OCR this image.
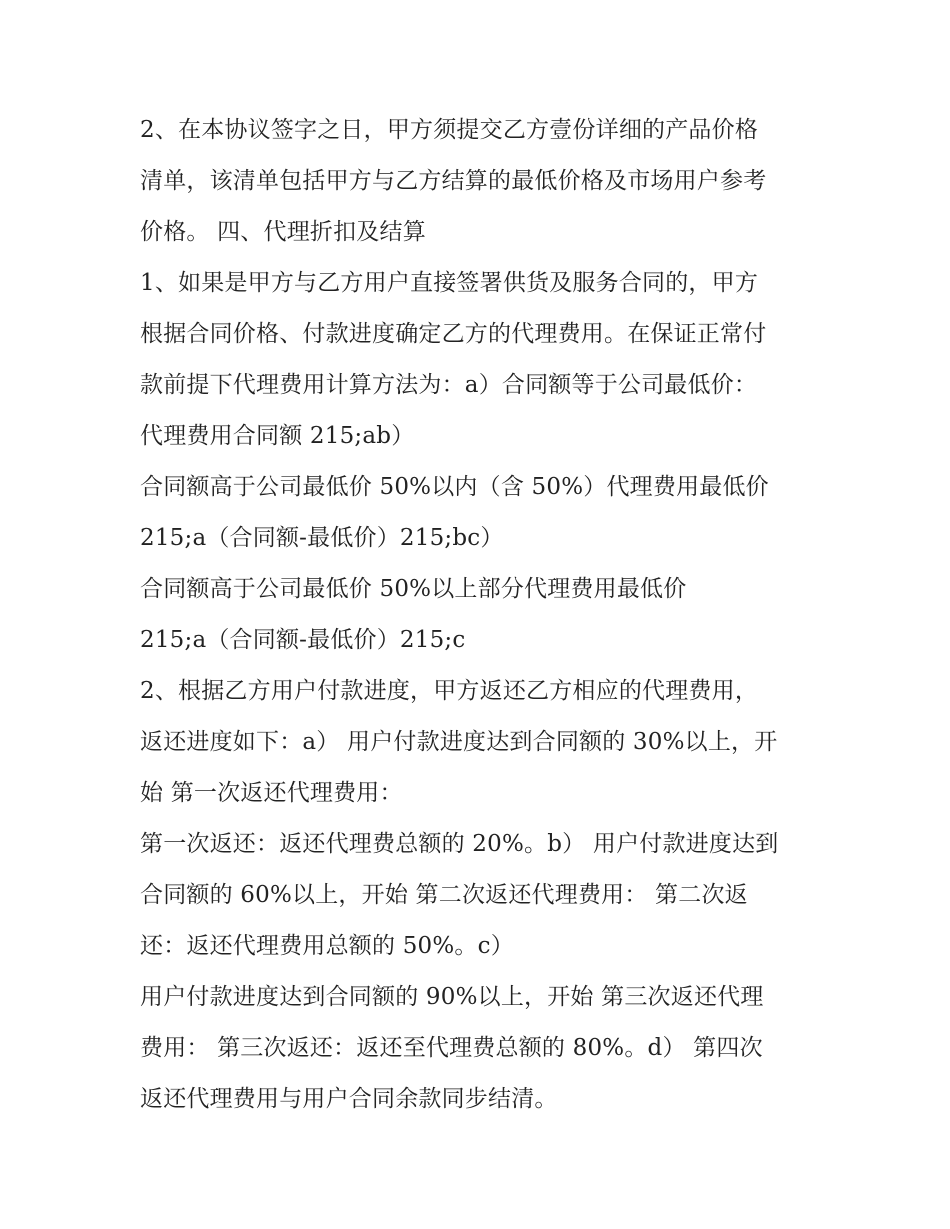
2、在本协议签字之日，甲方须提交乙方壹份详细的产品价格
清单，该清单包括甲方与乙方结算的最低价格及市场用户参考
价格。 四、代理折扣及结算
1、如果是甲方与乙方用户直接签署供货及服务合同的，甲方
根据合同价格、付款进度确定乙方的代理费用。在保证正常付
款前提下代理费用计算方法为：a）合同额等于公司最低价：
代理费用合同额 215;ab）
合同额高于公司最低价 50%以内（含 50%）代理费用最低价
215;a（合同额-最低价）215;bc）
合同额高于公司最低价 50%以上部分代理费用最低价
215;a（合同额-最低价）215;c
2、根据乙方用户付款进度，甲方返还乙方相应的代理费用，
返还进度如下：a） 用户付款进度达到合同额的 30%以上，开
始 第一次返还代理费用：
第一次返还：返还代理费总额的 20%。b） 用户付款进度达到
合同额的 60%以上，开始 第二次返还代理费用： 第二次返
还：返还代理费用总额的 50%。c）
用户付款进度达到合同额的 90%以上，开始 第三次返还代理
费用： 第三次返还：返还至代理费总额的 80%。d） 第四次
返还代理费用与用户合同余款同步结清。
